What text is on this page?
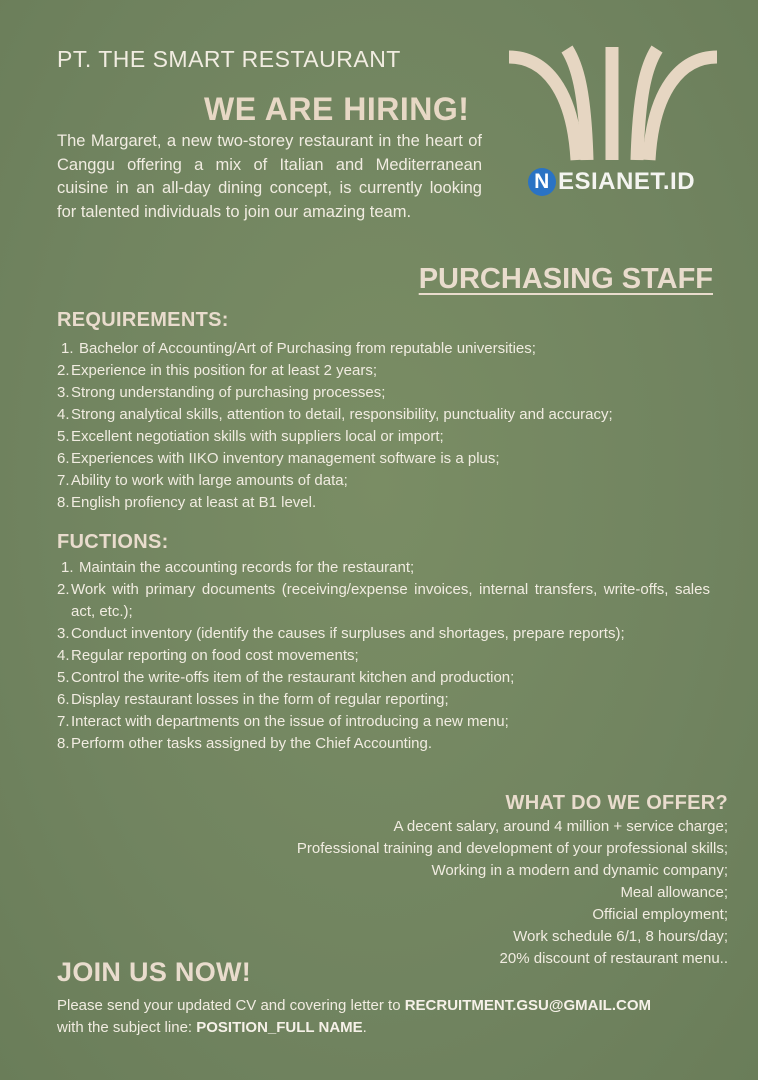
PT. THE SMART RESTAURANT
WE ARE HIRING!
The Margaret, a new two-storey restaurant in the heart of Canggu offering a mix of Italian and Mediterranean cuisine in an all-day dining concept, is currently looking for talented individuals to join our amazing team.
N ESIANET.ID
PURCHASING STAFF
REQUIREMENTS:
1. Bachelor of Accounting/Art of Purchasing from reputable universities;
2. Experience in this position for at least 2 years;
3. Strong understanding of purchasing processes;
4. Strong analytical skills, attention to detail, responsibility, punctuality and accuracy;
5. Excellent negotiation skills with suppliers local or import;
6. Experiences with IIKO inventory management software is a plus;
7. Ability to work with large amounts of data;
8. English profiency at least at B1 level.
FUCTIONS:
1. Maintain the accounting records for the restaurant;
2. Work with primary documents (receiving/expense invoices, internal transfers, write-offs, sales act, etc.);
3. Conduct inventory (identify the causes if surpluses and shortages, prepare reports);
4. Regular reporting on food cost movements;
5. Control the write-offs item of the restaurant kitchen and production;
6. Display restaurant losses in the form of regular reporting;
7. Interact with departments on the issue of introducing a new menu;
8. Perform other tasks assigned by the Chief Accounting.
WHAT DO WE OFFER?
A decent salary, around 4 million + service charge;
Professional training and development of your professional skills;
Working in a modern and dynamic company;
Meal allowance;
Official employment;
Work schedule 6/1, 8 hours/day;
20% discount of restaurant menu..
JOIN US NOW!
Please send your updated CV and covering letter to RECRUITMENT.GSU@GMAIL.COM
with the subject line: POSITION_FULL NAME.
